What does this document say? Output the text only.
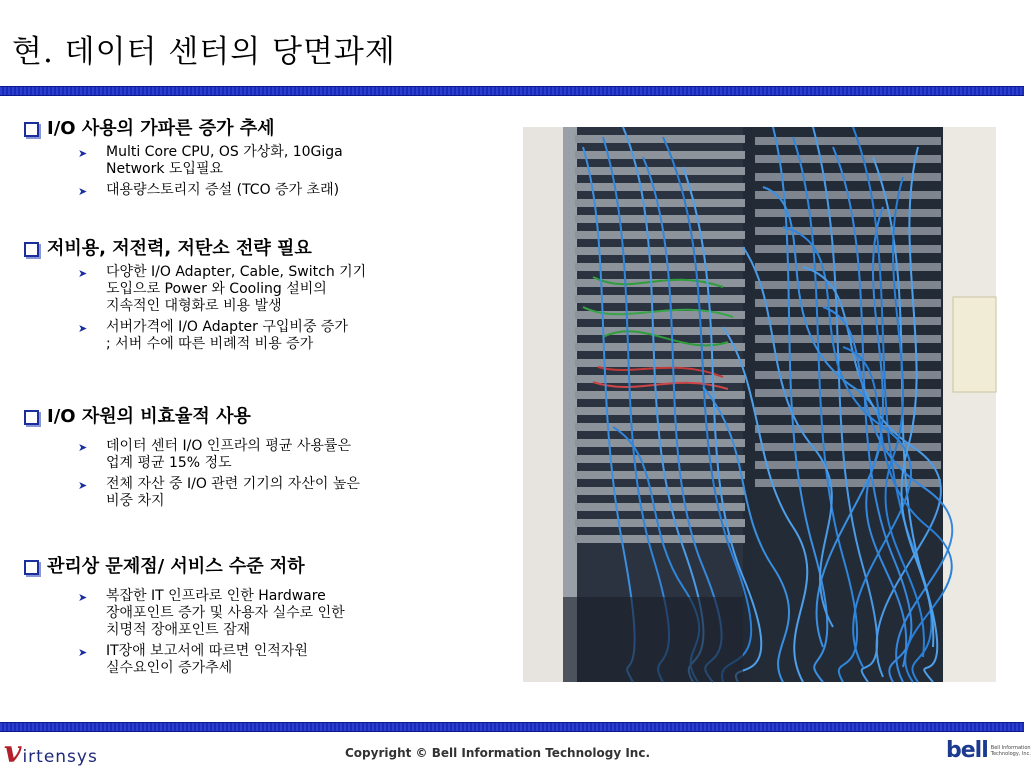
현. 데이터 센터의 당면과제
I/O 사용의 가파른 증가 추세
➤ Multi Core CPU, OS 가상화, 10Giga
Network 도입필요
➤ 대용량스토리지 증설 (TCO 증가 초래)
저비용, 저전력, 저탄소 전략 필요
➤ 다양한 I/O Adapter, Cable, Switch 기기
도입으로 Power 와 Cooling 설비의
지속적인 대형화로 비용 발생
➤ 서버가격에 I/O Adapter 구입비중 증가
; 서버 수에 따른 비례적 비용 증가
I/O 자원의 비효율적 사용
➤ 데이터 센터 I/O 인프라의 평균 사용률은
업계 평균 15% 정도
➤ 전체 자산 중 I/O 관련 기기의 자산이 높은
비중 차지
관리상 문제점/ 서비스 수준 저하
➤ 복잡한 IT 인프라로 인한 Hardware
장애포인트 증가 및 사용자 실수로 인한
치명적 장애포인트 잠재
➤ IT장애 보고서에 따르면 인적자원
실수요인이 증가추세
v irtensys	Copyright © Bell Information Technology Inc.	bell Bell Information Technology, Inc.
